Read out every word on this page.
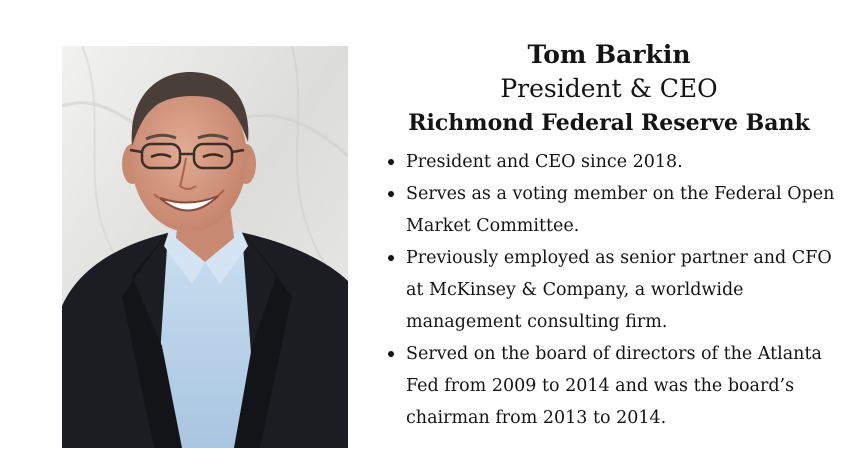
Tom Barkin

President & CEO

Richmond Federal Reserve Bank

President and CEO since 2018.
Serves as a voting member on the Federal Open Market Committee.
Previously employed as senior partner and CFO at McKinsey & Company, a worldwide management consulting firm.
Served on the board of directors of the Atlanta Fed from 2009 to 2014 and was the board’s chairman from 2013 to 2014.
